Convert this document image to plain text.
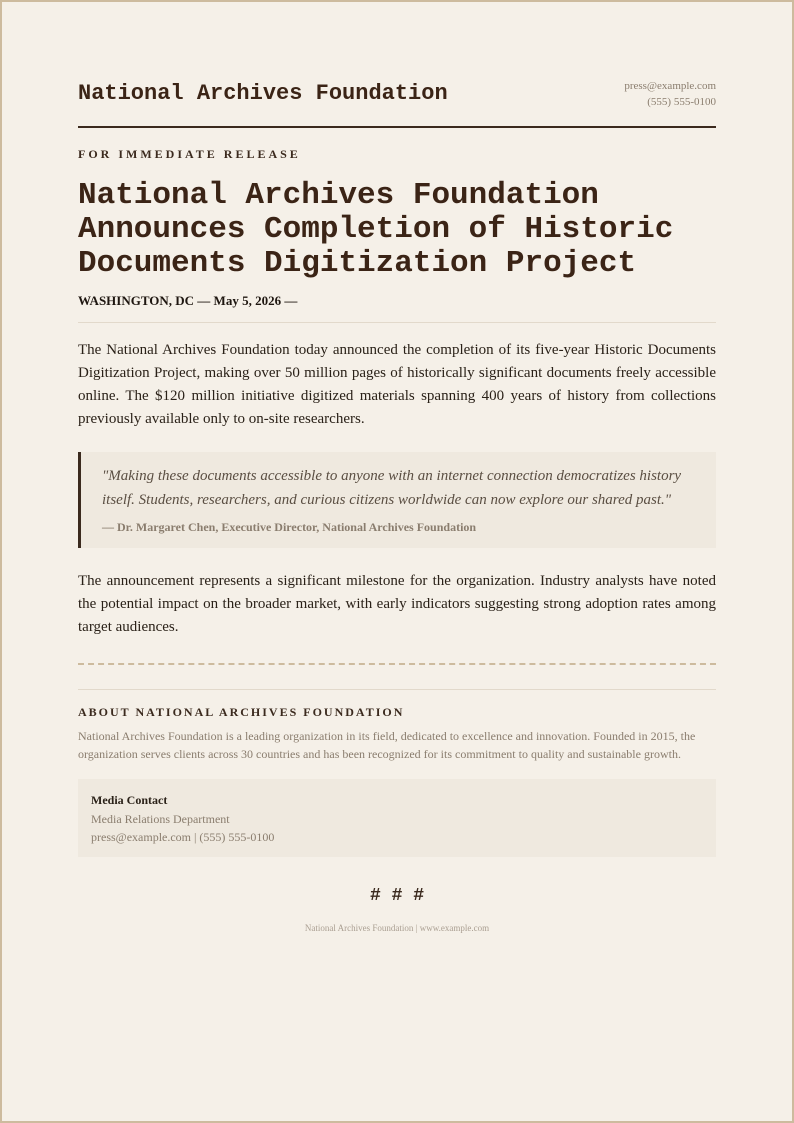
National Archives Foundation	press@example.com
(555) 555-0100

FOR IMMEDIATE RELEASE

National Archives Foundation Announces Completion of Historic Documents Digitization Project

WASHINGTON, DC — May 5, 2026 —

The National Archives Foundation today announced the completion of its five-year Historic Documents Digitization Project, making over 50 million pages of historically significant documents freely accessible online. The $120 million initiative digitized materials spanning 400 years of history from collections previously available only to on-site researchers.

"Making these documents accessible to anyone with an internet connection democratizes history itself. Students, researchers, and curious citizens worldwide can now explore our shared past."

— Dr. Margaret Chen, Executive Director, National Archives Foundation

The announcement represents a significant milestone for the organization. Industry analysts have noted the potential impact on the broader market, with early indicators suggesting strong adoption rates among target audiences.

ABOUT NATIONAL ARCHIVES FOUNDATION

National Archives Foundation is a leading organization in its field, dedicated to excellence and innovation. Founded in 2015, the organization serves clients across 30 countries and has been recognized for its commitment to quality and sustainable growth.

Media Contact

Media Relations Department

press@example.com | (555) 555-0100

# # #
National Archives Foundation | www.example.com
